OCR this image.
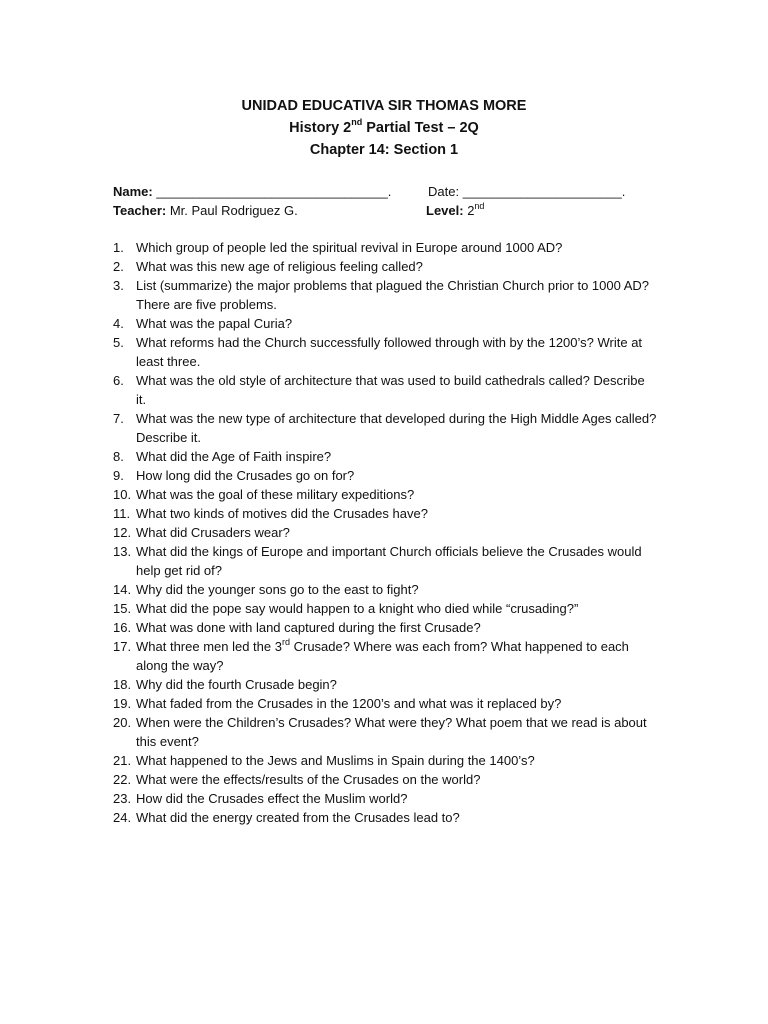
UNIDAD EDUCATIVA SIR THOMAS MORE
History 2nd Partial Test – 2Q
Chapter 14: Section 1
Name: ________________________________.	Date: ______________________.
Teacher: Mr. Paul Rodriguez G.	Level: 2nd
1. Which group of people led the spiritual revival in Europe around 1000 AD?
2. What was this new age of religious feeling called?
3. List (summarize) the major problems that plagued the Christian Church prior to 1000 AD? There are five problems.
4. What was the papal Curia?
5. What reforms had the Church successfully followed through with by the 1200’s? Write at least three.
6. What was the old style of architecture that was used to build cathedrals called? Describe it.
7. What was the new type of architecture that developed during the High Middle Ages called? Describe it.
8. What did the Age of Faith inspire?
9. How long did the Crusades go on for?
10. What was the goal of these military expeditions?
11. What two kinds of motives did the Crusades have?
12. What did Crusaders wear?
13. What did the kings of Europe and important Church officials believe the Crusades would help get rid of?
14. Why did the younger sons go to the east to fight?
15. What did the pope say would happen to a knight who died while “crusading?”
16. What was done with land captured during the first Crusade?
17. What three men led the 3rd Crusade? Where was each from? What happened to each along the way?
18. Why did the fourth Crusade begin?
19. What faded from the Crusades in the 1200’s and what was it replaced by?
20. When were the Children’s Crusades? What were they? What poem that we read is about this event?
21. What happened to the Jews and Muslims in Spain during the 1400’s?
22. What were the effects/results of the Crusades on the world?
23. How did the Crusades effect the Muslim world?
24. What did the energy created from the Crusades lead to?
